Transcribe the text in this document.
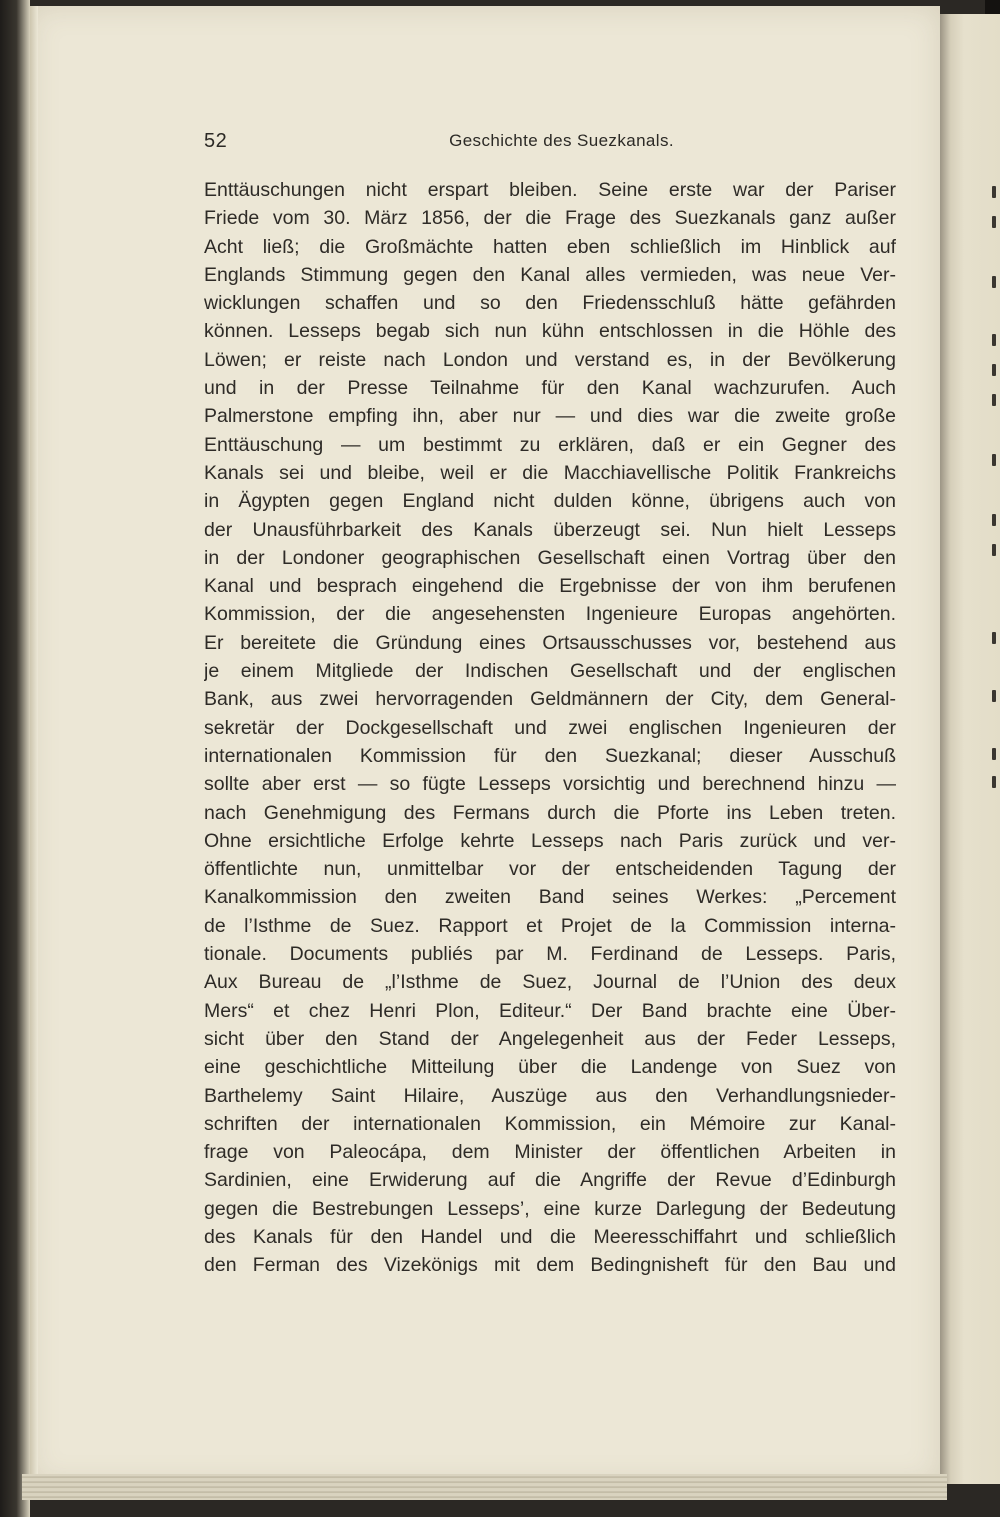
52	Geschichte des Suezkanals.
Enttäuschungen nicht erspart bleiben. Seine erste war der Pariser
Friede vom 30. März 1856, der die Frage des Suezkanals ganz außer
Acht ließ; die Großmächte hatten eben schließlich im Hinblick auf
Englands Stimmung gegen den Kanal alles vermieden, was neue Ver-
wicklungen schaffen und so den Friedensschluß hätte gefährden
können. Lesseps begab sich nun kühn entschlossen in die Höhle des
Löwen; er reiste nach London und verstand es, in der Bevölkerung
und in der Presse Teilnahme für den Kanal wachzurufen. Auch
Palmerstone empfing ihn, aber nur — und dies war die zweite große
Enttäuschung — um bestimmt zu erklären, daß er ein Gegner des
Kanals sei und bleibe, weil er die Macchiavellische Politik Frankreichs
in Ägypten gegen England nicht dulden könne, übrigens auch von
der Unausführbarkeit des Kanals überzeugt sei. Nun hielt Lesseps
in der Londoner geographischen Gesellschaft einen Vortrag über den
Kanal und besprach eingehend die Ergebnisse der von ihm berufenen
Kommission, der die angesehensten Ingenieure Europas angehörten.
Er bereitete die Gründung eines Ortsausschusses vor, bestehend aus
je einem Mitgliede der Indischen Gesellschaft und der englischen
Bank, aus zwei hervorragenden Geldmännern der City, dem General-
sekretär der Dockgesellschaft und zwei englischen Ingenieuren der
internationalen Kommission für den Suezkanal; dieser Ausschuß
sollte aber erst — so fügte Lesseps vorsichtig und berechnend hinzu —
nach Genehmigung des Fermans durch die Pforte ins Leben treten.
Ohne ersichtliche Erfolge kehrte Lesseps nach Paris zurück und ver-
öffentlichte nun, unmittelbar vor der entscheidenden Tagung der
Kanalkommission den zweiten Band seines Werkes: „Percement
de l’Isthme de Suez. Rapport et Projet de la Commission interna-
tionale. Documents publiés par M. Ferdinand de Lesseps. Paris,
Aux Bureau de „l’Isthme de Suez, Journal de l’Union des deux
Mers“ et chez Henri Plon, Editeur.“ Der Band brachte eine Über-
sicht über den Stand der Angelegenheit aus der Feder Lesseps,
eine geschichtliche Mitteilung über die Landenge von Suez von
Barthelemy Saint Hilaire, Auszüge aus den Verhandlungsnieder-
schriften der internationalen Kommission, ein Mémoire zur Kanal-
frage von Paleocápa, dem Minister der öffentlichen Arbeiten in
Sardinien, eine Erwiderung auf die Angriffe der Revue d’Edinburgh
gegen die Bestrebungen Lesseps’, eine kurze Darlegung der Bedeutung
des Kanals für den Handel und die Meeresschiffahrt und schließlich
den Ferman des Vizekönigs mit dem Bedingnisheft für den Bau und
